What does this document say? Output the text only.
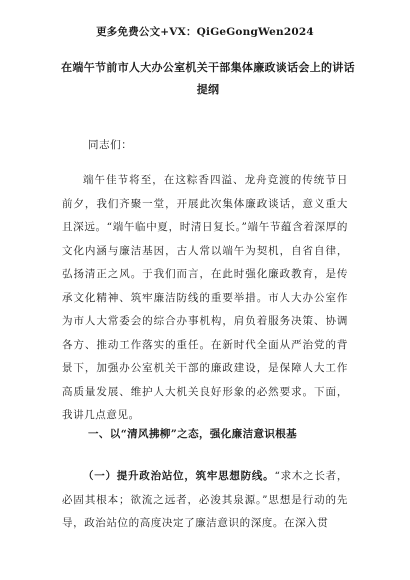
更多免费公文+VX：QiGeGongWen2024
在端午节前市人大办公室机关干部集体廉政谈话会上的讲话提纲
同志们：
端午佳节将至，在这粽香四溢、龙舟竞渡的传统节日前夕，我们齐聚一堂，开展此次集体廉政谈话，意义重大且深远。“端午临中夏，时清日复长。”端午节蕴含着深厚的文化内涵与廉洁基因，古人常以端午为契机，自省自律，弘扬清正之风。于我们而言，在此时强化廉政教育，是传承文化精神、筑牢廉洁防线的重要举措。市人大办公室作为市人大常委会的综合办事机构，肩负着服务决策、协调各方、推动工作落实的重任。在新时代全面从严治党的背景下，加强办公室机关干部的廉政建设，是保障人大工作高质量发展、维护人大机关良好形象的必然要求。下面，我讲几点意见。
一、以“清风拂柳”之态，强化廉洁意识根基
（一）提升政治站位，筑牢思想防线。“求木之长者，必固其根本；欲流之远者，必浚其泉源。”思想是行动的先导，政治站位的高度决定了廉洁意识的深度。在深入贯
